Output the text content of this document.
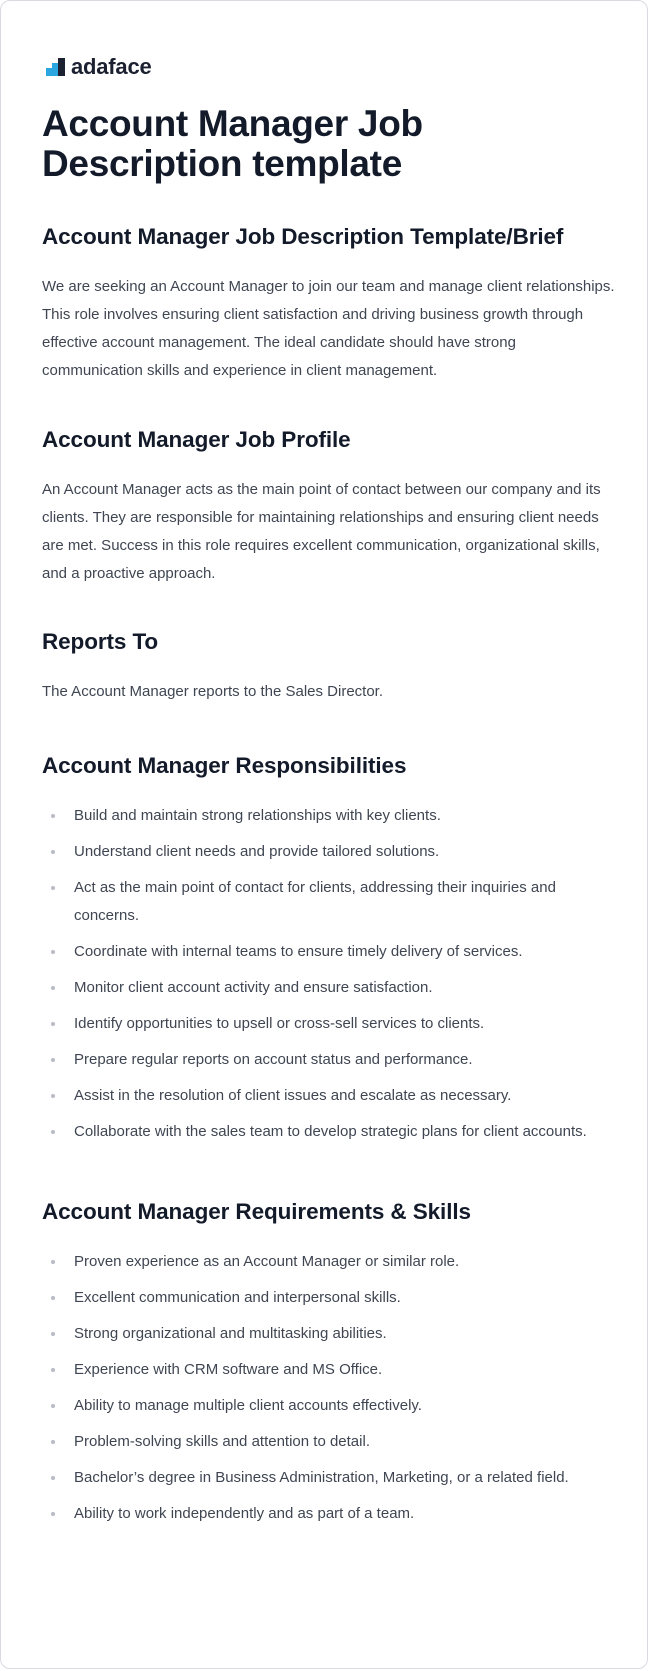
adaface
Account Manager Job Description template
Account Manager Job Description Template/Brief

We are seeking an Account Manager to join our team and manage client relationships. This role involves ensuring client satisfaction and driving business growth through effective account management. The ideal candidate should have strong communication skills and experience in client management.

Account Manager Job Profile

An Account Manager acts as the main point of contact between our company and its clients. They are responsible for maintaining relationships and ensuring client needs are met. Success in this role requires excellent communication, organizational skills, and a proactive approach.

Reports To

The Account Manager reports to the Sales Director.

Account Manager Responsibilities
Build and maintain strong relationships with key clients.
Understand client needs and provide tailored solutions.
Act as the main point of contact for clients, addressing their inquiries and concerns.
Coordinate with internal teams to ensure timely delivery of services.
Monitor client account activity and ensure satisfaction.
Identify opportunities to upsell or cross-sell services to clients.
Prepare regular reports on account status and performance.
Assist in the resolution of client issues and escalate as necessary.
Collaborate with the sales team to develop strategic plans for client accounts.
Account Manager Requirements & Skills
Proven experience as an Account Manager or similar role.
Excellent communication and interpersonal skills.
Strong organizational and multitasking abilities.
Experience with CRM software and MS Office.
Ability to manage multiple client accounts effectively.
Problem-solving skills and attention to detail.
Bachelor’s degree in Business Administration, Marketing, or a related field.
Ability to work independently and as part of a team.
